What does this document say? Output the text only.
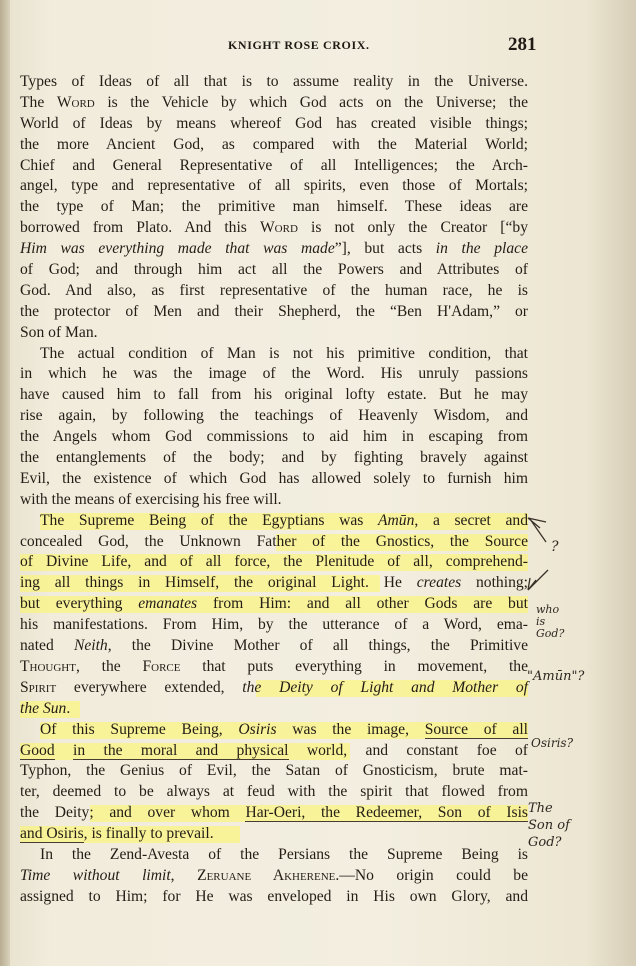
KNIGHT ROSE CROIX.	281
Types of Ideas of all that is to assume reality in the Universe.
The Word is the Vehicle by which God acts on the Universe; the
World of Ideas by means whereof God has created visible things;
the more Ancient God, as compared with the Material World;
Chief and General Representative of all Intelligences; the Arch-
angel, type and representative of all spirits, even those of Mortals;
the type of Man; the primitive man himself. These ideas are
borrowed from Plato. And this Word is not only the Creator [“by
Him was everything made that was made”], but acts in the place
of God; and through him act all the Powers and Attributes of
God. And also, as first representative of the human race, he is
the protector of Men and their Shepherd, the “Ben H'Adam,” or
Son of Man.
The actual condition of Man is not his primitive condition, that
in which he was the image of the Word. His unruly passions
have caused him to fall from his original lofty estate. But he may
rise again, by following the teachings of Heavenly Wisdom, and
the Angels whom God commissions to aid him in escaping from
the entanglements of the body; and by fighting bravely against
Evil, the existence of which God has allowed solely to furnish him
with the means of exercising his free will.
The Supreme Being of the Egyptians was Amūn, a secret and
concealed God, the Unknown Father of the Gnostics, the Source
of Divine Life, and of all force, the Plenitude of all, comprehend-
ing all things in Himself, the original Light. He creates nothing;
but everything emanates from Him: and all other Gods are but
his manifestations. From Him, by the utterance of a Word, ema-
nated Neith, the Divine Mother of all things, the Primitive
Thought, the Force that puts everything in movement, the
Spirit everywhere extended, the Deity of Light and Mother of
the Sun.
Of this Supreme Being, Osiris was the image, Source of all
Good in the moral and physical world, and constant foe of
Typhon, the Genius of Evil, the Satan of Gnosticism, brute mat-
ter, deemed to be always at feud with the spirit that flowed from
the Deity; and over whom Har-Oeri, the Redeemer, Son of Isis
and Osiris, is finally to prevail.
In the Zend-Avesta of the Persians the Supreme Being is
Time without limit, Zeruane Akherene.—No origin could be
assigned to Him; for He was enveloped in His own Glory, and
?
who is God?
"Amūn"?
Osiris?
The Son of God?
